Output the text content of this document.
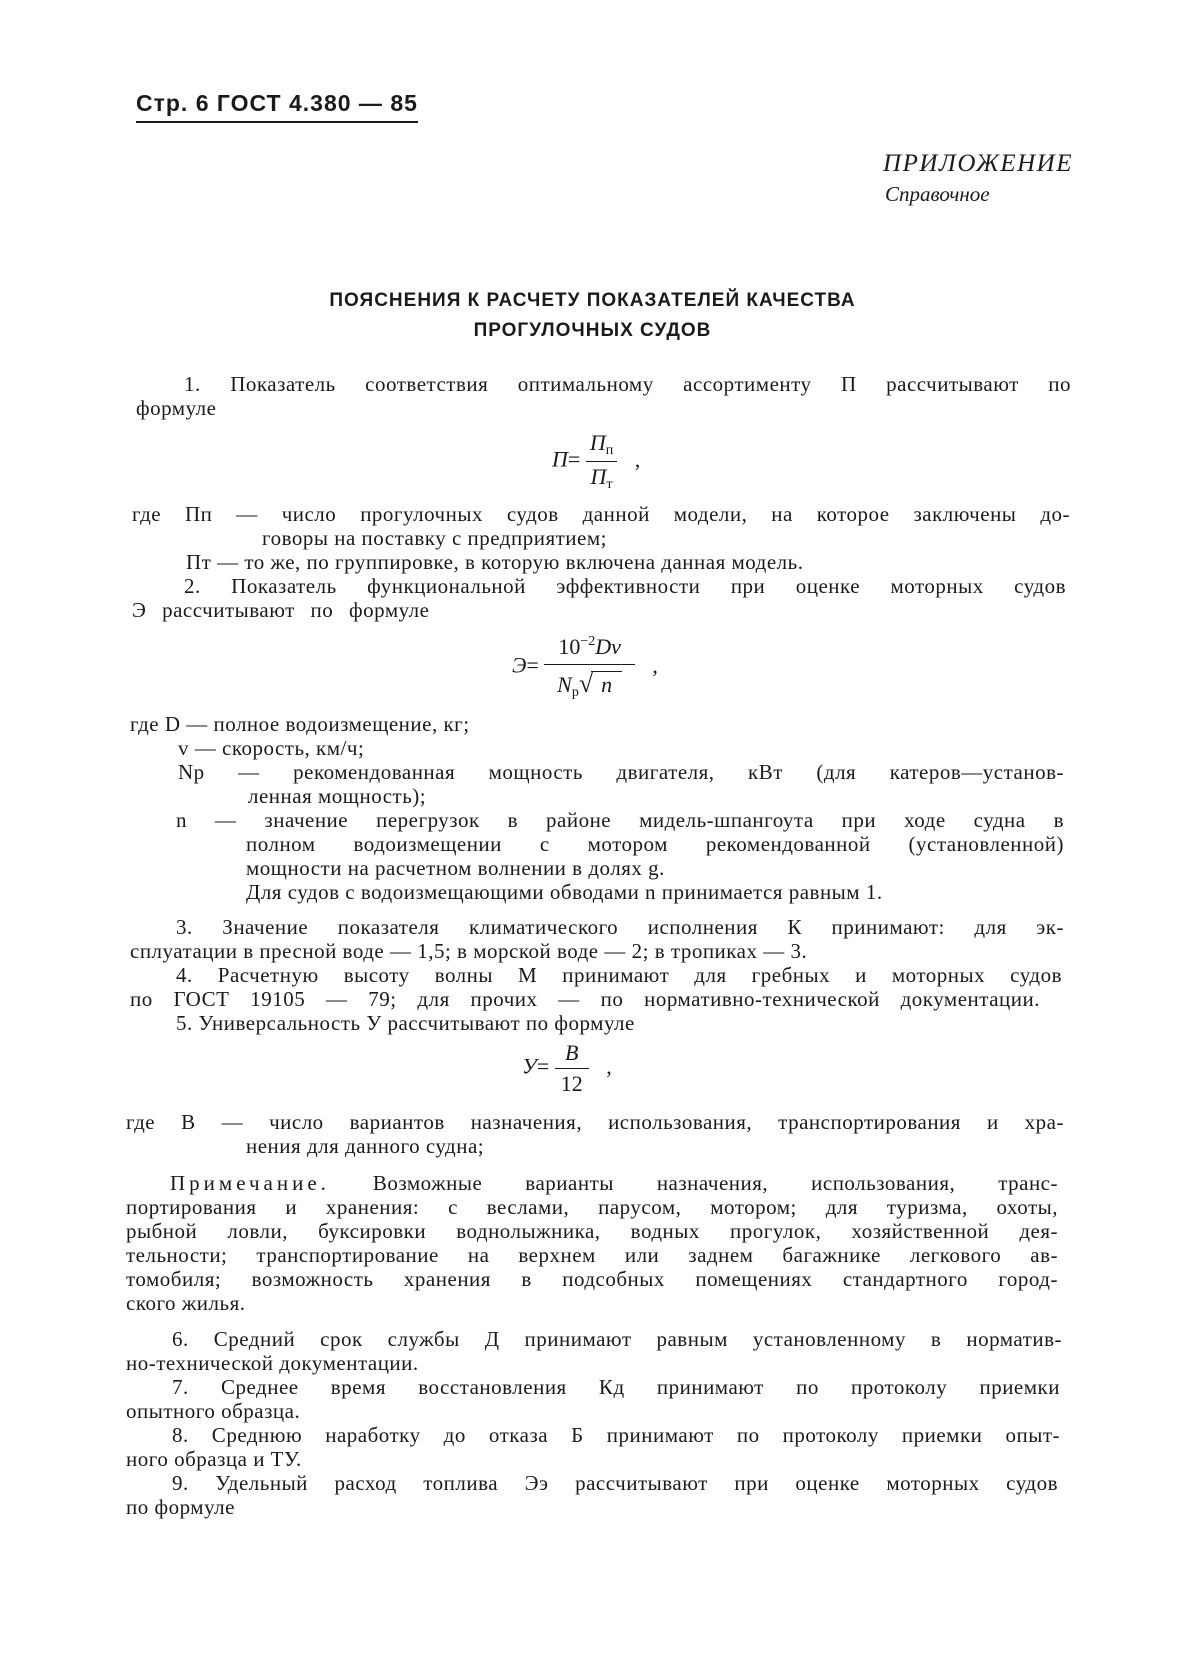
Стр. 6 ГОСТ 4.380 — 85
ПРИЛОЖЕНИЕ
Справочное
ПОЯСНЕНИЯ К РАСЧЕТУ ПОКАЗАТЕЛЕЙ КАЧЕСТВА
ПРОГУЛОЧНЫХ СУДОВ
1. Показатель соответствия оптимальному ассортименту П рассчитывают по
формуле
$П= \frac{П_п}{П_т}$ ,
где Пп — число прогулочных судов данной модели, на которое заключены до-
говоры на поставку с предприятием;
Пт — то же, по группировке, в которую включена данная модель.
2. Показатель функциональной эффективности при оценке моторных судов
Э рассчитывают по формуле
$Э= \frac{10^{-2}Dv}{N_p√ n}$ ,
где D — полное водоизмещение, кг;
v — скорость, км/ч;
Np — рекомендованная мощность двигателя, кВт (для катеров—установ-
ленная мощность);
n — значение перегрузок в районе мидель-шпангоута при ходе судна в
полном водоизмещении с мотором рекомендованной (установленной)
мощности на расчетном волнении в долях g.
Для судов с водоизмещающими обводами n принимается равным 1.
3. Значение показателя климатического исполнения К принимают: для эк-
сплуатации в пресной воде — 1,5; в морской воде — 2; в тропиках — 3.
4. Расчетную высоту волны М принимают для гребных и моторных судов
по ГОСТ 19105 — 79; для прочих — по нормативно-технической документации.
5. Универсальность У рассчитывают по формуле
$У= \frac{В}{12}$ ,
где В — число вариантов назначения, использования, транспортирования и хра-
нения для данного судна;
Примечание. Возможные варианты назначения, использования, транс-
портирования и хранения: с веслами, парусом, мотором; для туризма, охоты,
рыбной ловли, буксировки воднолыжника, водных прогулок, хозяйственной дея-
тельности; транспортирование на верхнем или заднем багажнике легкового ав-
томобиля; возможность хранения в подсобных помещениях стандартного город-
ского жилья.
6. Средний срок службы Д принимают равным установленному в норматив-
но-технической документации.
7. Среднее время восстановления Кд принимают по протоколу приемки
опытного образца.
8. Среднюю наработку до отказа Б принимают по протоколу приемки опыт-
ного образца и ТУ.
9. Удельный расход топлива Ээ рассчитывают при оценке моторных судов
по формуле
